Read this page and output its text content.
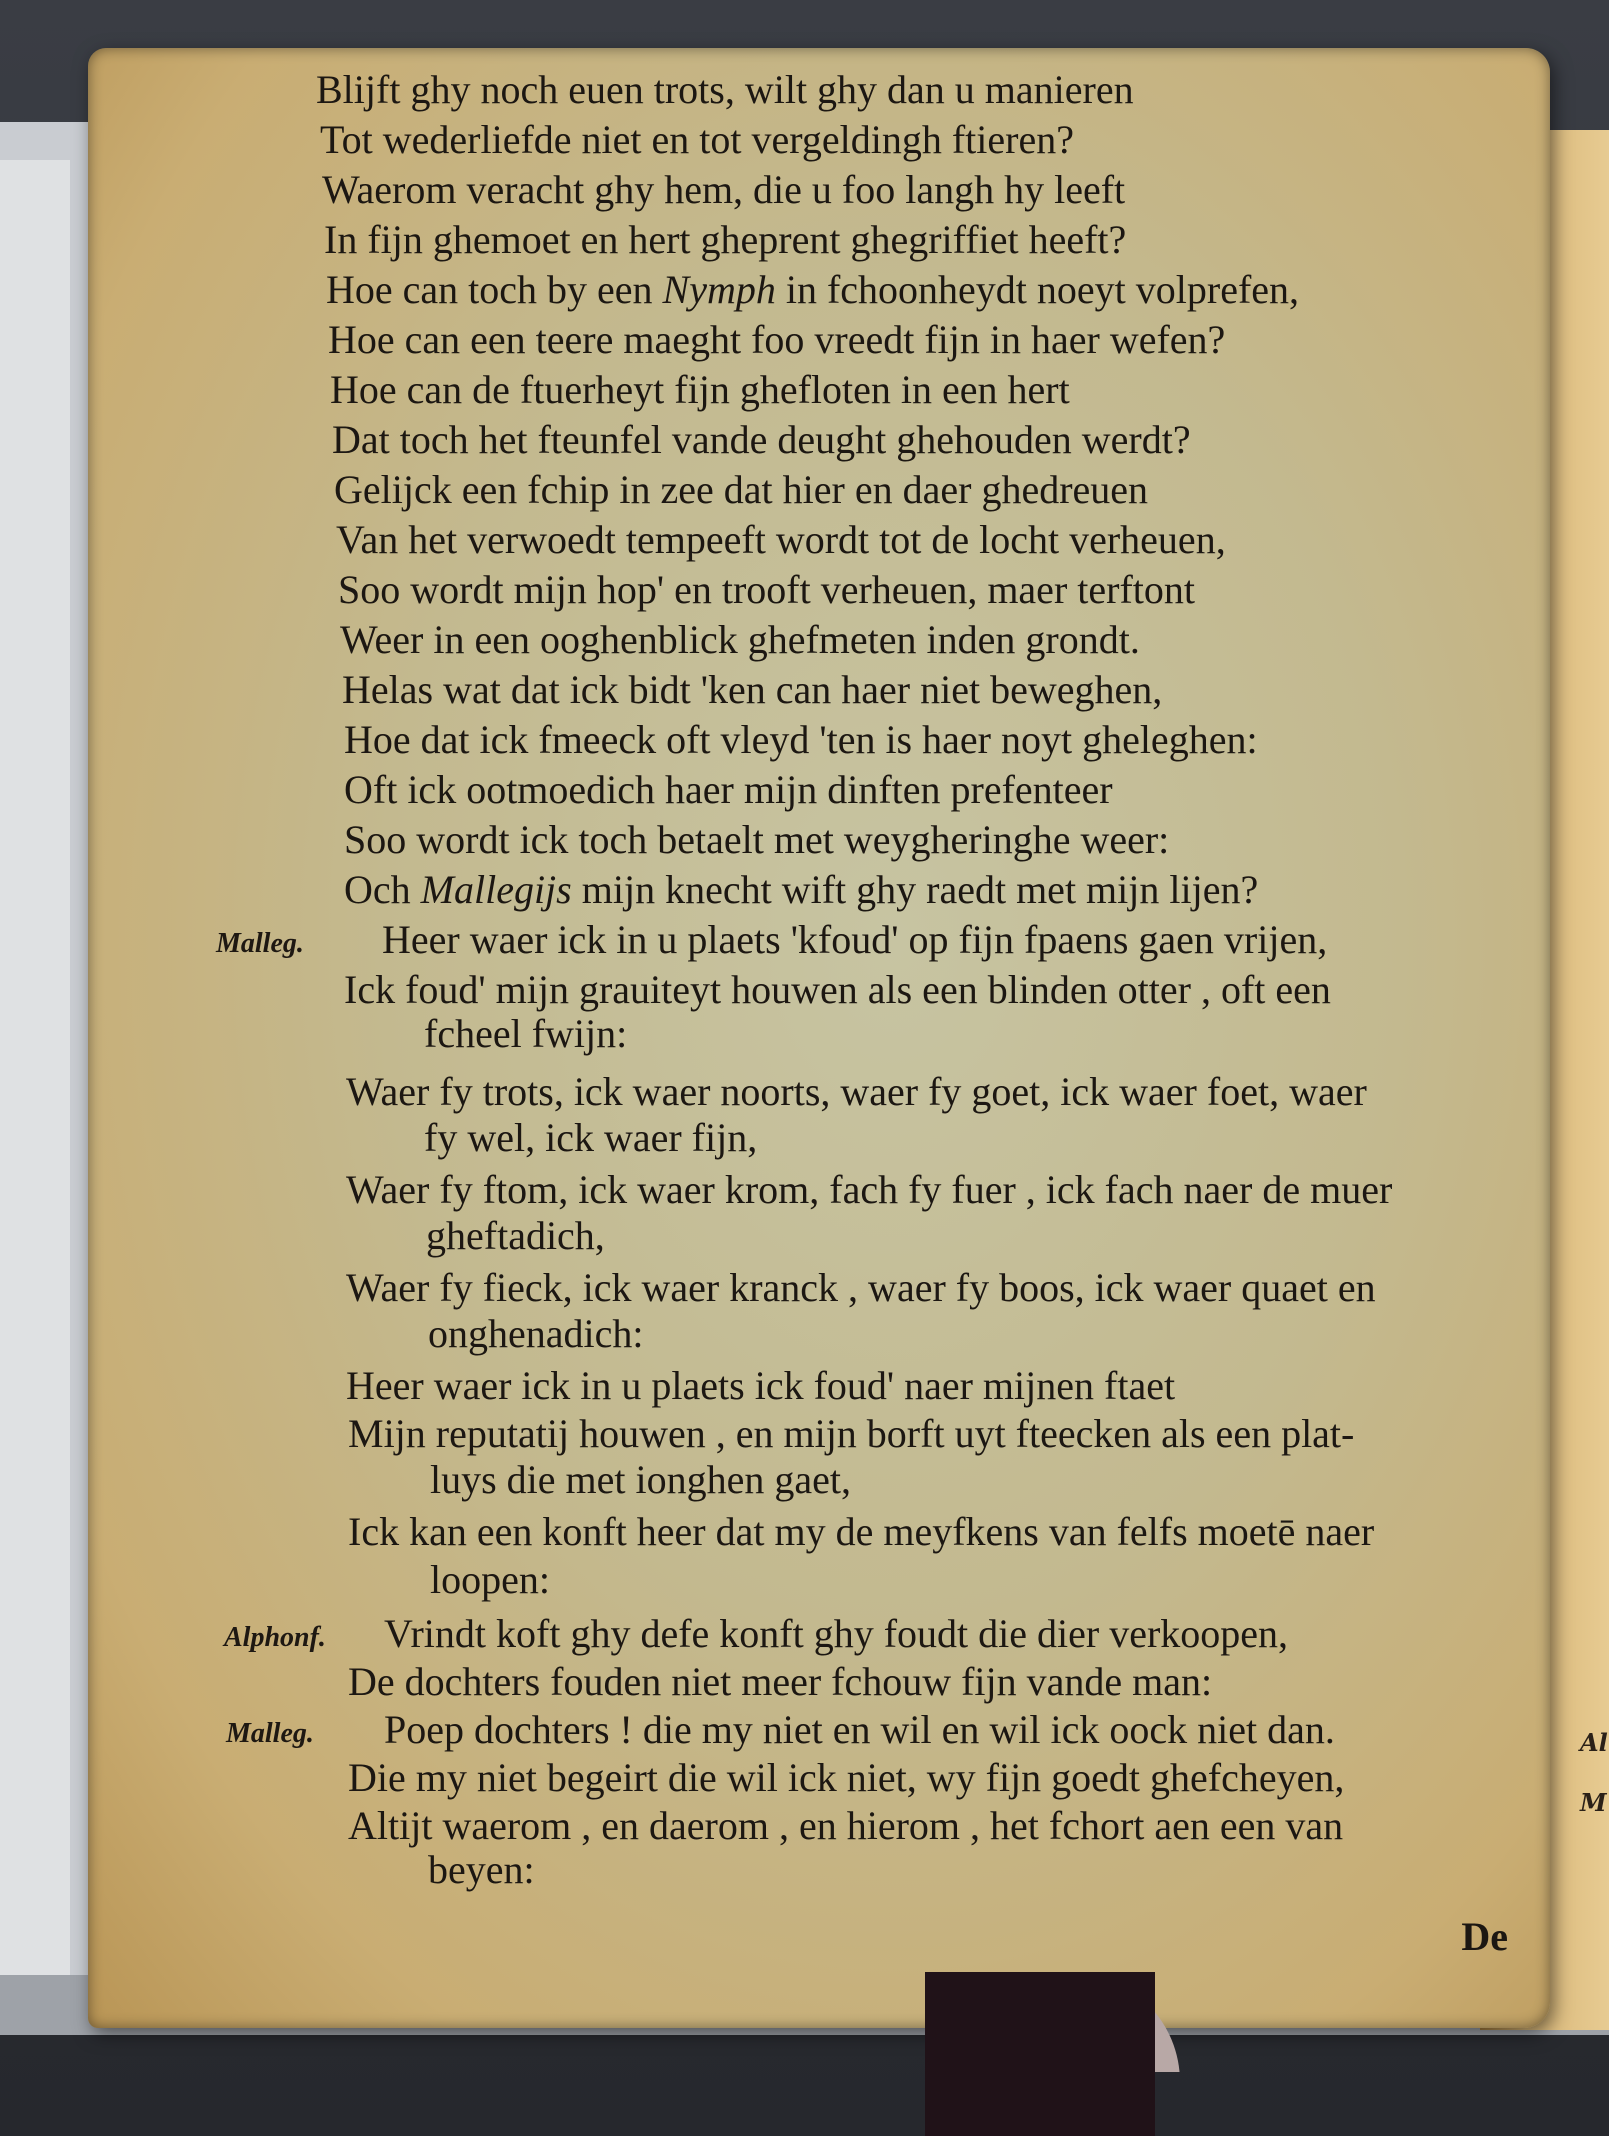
Al
M
Blijft ghy noch euen trots, wilt ghy dan u manieren
Tot wederliefde niet en tot vergeldingh ftieren?
Waerom veracht ghy hem, die u foo langh hy leeft
In fijn ghemoet en hert gheprent ghegriffiet heeft?
Hoe can toch by een Nymph in fchoonheydt noeyt volprefen,
Hoe can een teere maeght foo vreedt fijn in haer wefen?
Hoe can de ftuerheyt fijn ghefloten in een hert
Dat toch het fteunfel vande deught ghehouden werdt?
Gelijck een fchip in zee dat hier en daer ghedreuen
Van het verwoedt tempeeft wordt tot de locht verheuen,
Soo wordt mijn hop' en trooft verheuen, maer terftont
Weer in een ooghenblick ghefmeten inden grondt.
Helas wat dat ick bidt 'ken can haer niet beweghen,
Hoe dat ick fmeeck oft vleyd 'ten is haer noyt gheleghen:
Oft ick ootmoedich haer mijn dinften prefenteer
Soo wordt ick toch betaelt met weygheringhe weer:
Och Mallegijs mijn knecht wift ghy raedt met mijn lijen?
Malleg. Heer waer ick in u plaets 'kfoud' op fijn fpaens gaen vrijen,
Ick foud' mijn grauiteyt houwen als een blinden otter , oft een
fcheel fwijn:
Waer fy trots, ick waer noorts, waer fy goet, ick waer foet, waer
fy wel, ick waer fijn,
Waer fy ftom, ick waer krom, fach fy fuer , ick fach naer de muer
gheftadich,
Waer fy fieck, ick waer kranck , waer fy boos, ick waer quaet en
onghenadich:
Heer waer ick in u plaets ick foud' naer mijnen ftaet
Mijn reputatij houwen , en mijn borft uyt fteecken als een plat-
luys die met ionghen gaet,
Ick kan een konft heer dat my de meyfkens van felfs moetē naer
loopen:
Alphonf. Vrindt koft ghy defe konft ghy foudt die dier verkoopen,
De dochters fouden niet meer fchouw fijn vande man:
Malleg. Poep dochters ! die my niet en wil en wil ick oock niet dan.
Die my niet begeirt die wil ick niet, wy fijn goedt ghefcheyen,
Altijt waerom , en daerom , en hierom , het fchort aen een van
beyen:
De
